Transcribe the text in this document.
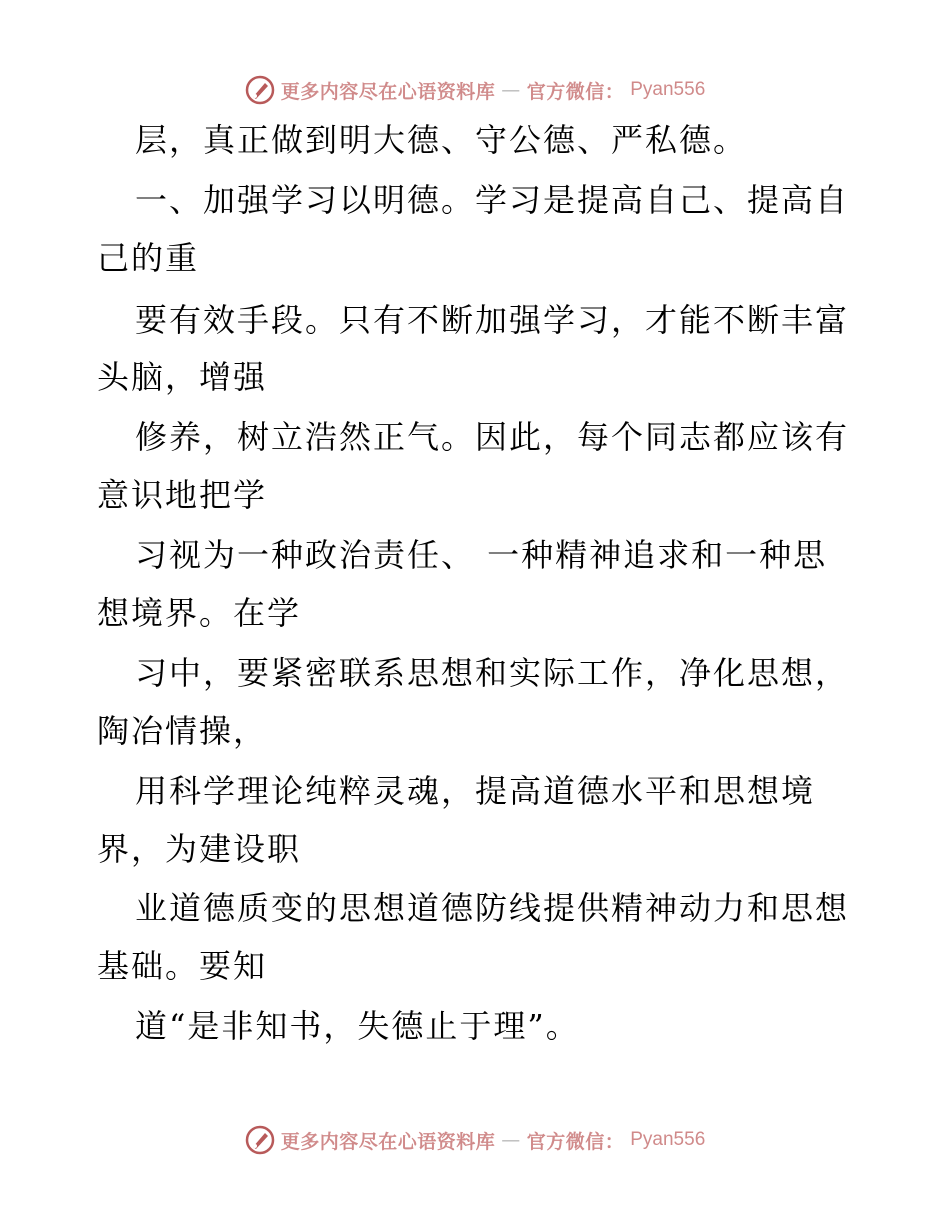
更多内容尽在心语资料库 — 官方微信： Pyan556
层，真正做到明大德、守公德、严私德。
一、加强学习以明德。学习是提高自己、提高自
己的重
要有效手段。只有不断加强学习，才能不断丰富
头脑，增强
修养，树立浩然正气。因此，每个同志都应该有
意识地把学
习视为一种政治责任、 一种精神追求和一种思
想境界。在学
习中，要紧密联系思想和实际工作，净化思想，
陶冶情操，
用科学理论纯粹灵魂，提高道德水平和思想境
界，为建设职
业道德质变的思想道德防线提供精神动力和思想
基础。要知
道“是非知书，失德止于理”。
更多内容尽在心语资料库 — 官方微信： Pyan556
